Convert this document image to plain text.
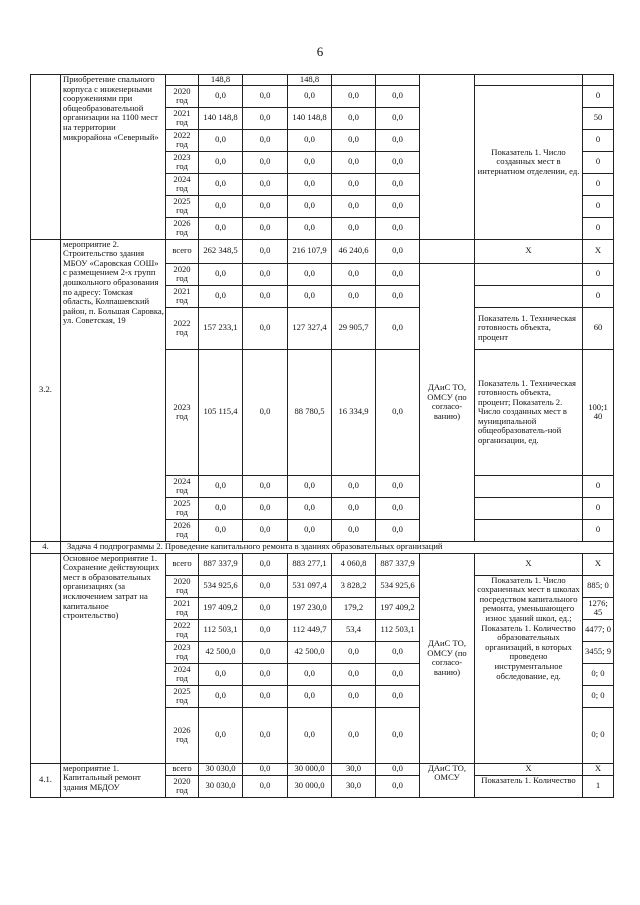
6
	Приобретение спального корпуса с инженерными сооружениями при общеобразовательной организации на 1100 мест на территории микрорайона «Северный»		148,8		148,8					
		2020 год	0,0	0,0	0,0	0,0	0,0		Показатель 1. Число созданных мест в интернатном отделении, ед.	0
		2021 год	140 148,8	0,0	140 148,8	0,0	0,0			50
		2022 год	0,0	0,0	0,0	0,0	0,0			0
		2023 год	0,0	0,0	0,0	0,0	0,0			0
		2024 год	0,0	0,0	0,0	0,0	0,0			0
		2025 год	0,0	0,0	0,0	0,0	0,0			0
		2026 год	0,0	0,0	0,0	0,0	0,0			0
3.2.	мероприятие 2. Строительство здания МБОУ «Саровская СОШ» с размещением 2-х групп дошкольного образования по адресу: Томская область, Колпашевский район, п. Большая Саровка, ул. Советская, 19	всего	262 348,5	0,0	216 107,9	46 240,6	0,0		Х	Х
		2020 год	0,0	0,0	0,0	0,0	0,0	ДАиС ТО, ОМСУ (по согласо-ванию)		0
		2021 год	0,0	0,0	0,0	0,0	0,0			0
		2022 год	157 233,1	0,0	127 327,4	29 905,7	0,0		Показатель 1. Техническая готовность объекта, процент	60
		2023 год	105 115,4	0,0	88 780,5	16 334,9	0,0		Показатель 1. Техническая готовность объекта, процент; Показатель 2. Число созданных мест в муниципальной общеобразователь-ной организации, ед.	100;1 40
		2024 год	0,0	0,0	0,0	0,0	0,0			0
		2025 год	0,0	0,0	0,0	0,0	0,0			0
		2026 год	0,0	0,0	0,0	0,0	0,0			0
4.	Задача 4 подпрограммы 2. Проведение капитального ремонта в зданиях образовательных организаций									
	Основное мероприятие 1. Сохранение действующих мест в образовательных организациях (за исключением затрат на капитальное строительство)	всего	887 337,9	0,0	883 277,1	4 060,8	887 337,9	ДАиС ТО, ОМСУ (по согласо-ванию)	Х	Х
		2020 год	534 925,6	0,0	531 097,4	3 828,2	534 925,6		Показатель 1. Число сохраненных мест в школах посредством капитального ремонта, уменьшающего износ зданий школ, ед.; Показатель 1. Количество образовательных организаций, в которых проведено инструментальное обследование, ед.	885; 0
		2021 год	197 409,2	0,0	197 230,0	179,2	197 409,2			1276; 45
		2022 год	112 503,1	0,0	112 449,7	53,4	112 503,1			4477; 0
		2023 год	42 500,0	0,0	42 500,0	0,0	0,0			3455; 9
		2024 год	0,0	0,0	0,0	0,0	0,0			0; 0
		2025 год	0,0	0,0	0,0	0,0	0,0			0; 0
		2026 год	0,0	0,0	0,0	0,0	0,0			0; 0
4.1.	мероприятие 1. Капитальный ремонт здания МБДОУ	всего	30 030,0	0,0	30 000,0	30,0	0,0	ДАиС ТО, ОМСУ	Х	Х
		2020 год	30 030,0	0,0	30 000,0	30,0	0,0		Показатель 1. Количество	1
